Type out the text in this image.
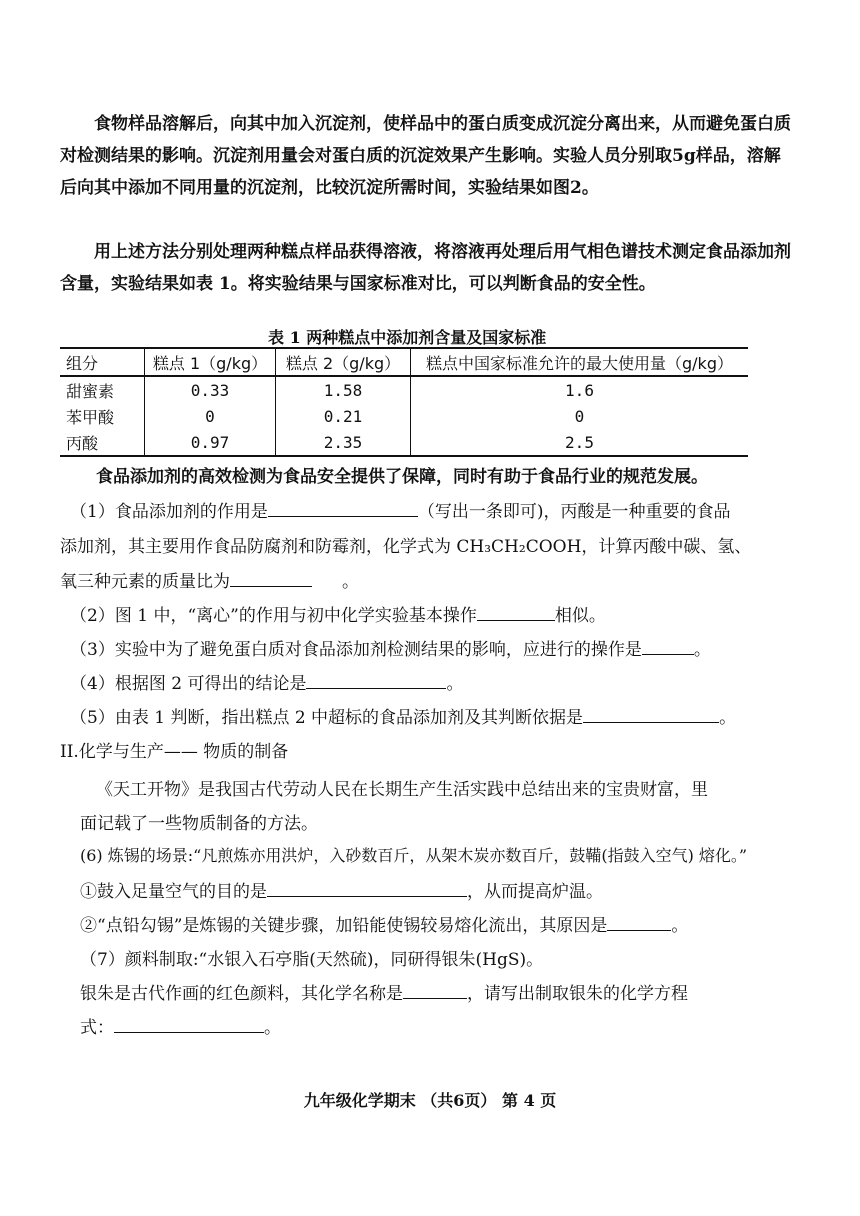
食物样品溶解后，向其中加入沉淀剂，使样品中的蛋白质变成沉淀分离出来，从而避免蛋白质对检测结果的影响。沉淀剂用量会对蛋白质的沉淀效果产生影响。实验人员分别取5g样品，溶解后向其中添加不同用量的沉淀剂，比较沉淀所需时间，实验结果如图2。
用上述方法分别处理两种糕点样品获得溶液，将溶液再处理后用气相色谱技术测定食品添加剂含量，实验结果如表 1。将实验结果与国家标准对比，可以判断食品的安全性。
表 1 两种糕点中添加剂含量及国家标准
组分	糕点 1（g/kg）	糕点 2（g/kg）	糕点中国家标准允许的最大使用量（g/kg）
甜蜜素	0.33	1.58	1.6
苯甲酸	0	0.21	0
丙酸	0.97	2.35	2.5
食品添加剂的高效检测为食品安全提供了保障，同时有助于食品行业的规范发展。
（1）食品添加剂的作用是	（写出一条即可)，丙酸是一种重要的食品
添加剂，其主要用作食品防腐剂和防霉剂，化学式为 CH₃CH₂COOH，计算丙酸中碳、氢、
氧三种元素的质量比为	。
（2）图 1 中，“离心”的作用与初中化学实验基本操作	相似。
（3）实验中为了避免蛋白质对食品添加剂检测结果的影响，应进行的操作是	。
（4）根据图 2 可得出的结论是	。
（5）由表 1 判断，指出糕点 2 中超标的食品添加剂及其判断依据是	。
II.化学与生产—— 物质的制备
《天工开物》是我国古代劳动人民在长期生产生活实践中总结出来的宝贵财富，里
面记载了一些物质制备的方法。
(6) 炼锡的场景:“凡煎炼亦用洪炉，入砂数百斤，从架木炭亦数百斤，鼓鞴(指鼓入空气) 熔化。”
①鼓入足量空气的目的是	，从而提高炉温。
②“点铅勾锡”是炼锡的关键步骤，加铅能使锡较易熔化流出，其原因是	。
（7）颜料制取:“水银入石亭脂(天然硫)，同研得银朱(HgS)。
银朱是古代作画的红色颜料，其化学名称是	，请写出制取银朱的化学方程
式：	。
九年级化学期末 （共6页） 第 4 页
